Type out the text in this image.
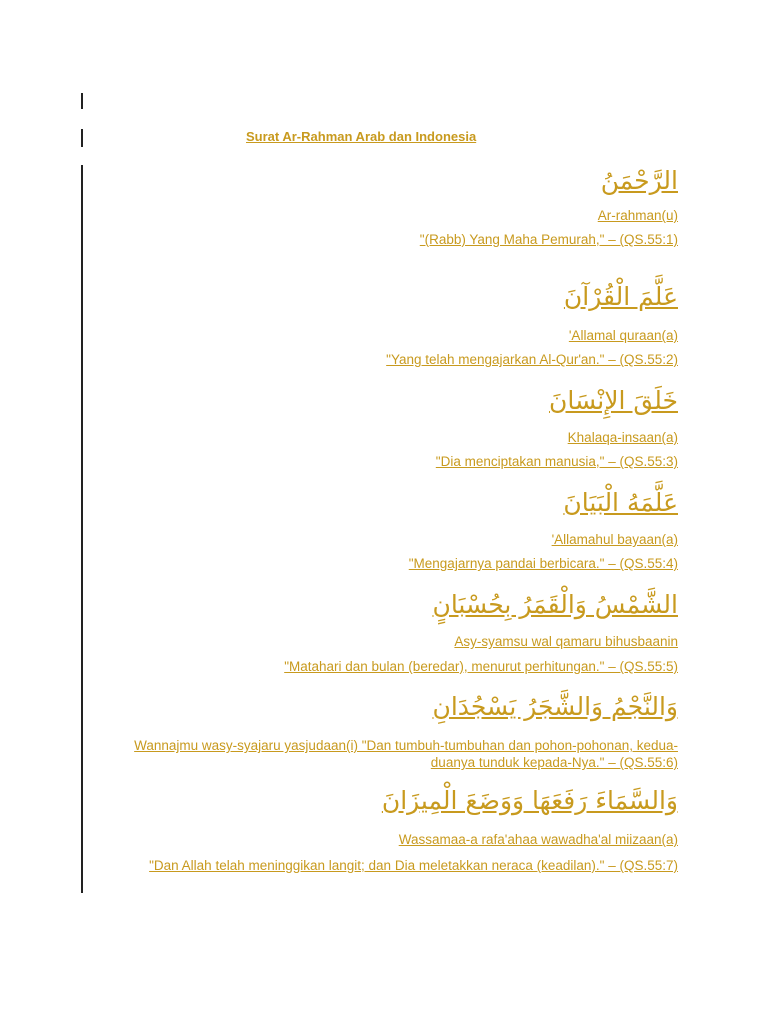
Surat Ar-Rahman Arab dan Indonesia
الرَّحْمَنُ
Ar-rahman(u)
"(Rabb) Yang Maha Pemurah," – (QS.55:1)
عَلَّمَ الْقُرْآنَ
'Allamal quraan(a)
"Yang telah mengajarkan Al-Qur'an." – (QS.55:2)
خَلَقَ الإِنْسَانَ
Khalaqa-insaan(a)
"Dia menciptakan manusia," – (QS.55:3)
عَلَّمَهُ الْبَيَانَ
'Allamahul bayaan(a)
"Mengajarnya pandai berbicara." – (QS.55:4)
الشَّمْسُ وَالْقَمَرُ بِحُسْبَانٍ
Asy-syamsu wal qamaru bihusbaanin
"Matahari dan bulan (beredar), menurut perhitungan." – (QS.55:5)
وَالنَّجْمُ وَالشَّجَرُ يَسْجُدَانِ
Wannajmu wasy-syajaru yasjudaan(i) "Dan tumbuh-tumbuhan dan pohon-pohonan, kedua-duanya tunduk kepada-Nya." – (QS.55:6)
وَالسَّمَاءَ رَفَعَهَا وَوَضَعَ الْمِيزَانَ
Wassamaa-a rafa'ahaa wawadha'al miizaan(a)
"Dan Allah telah meninggikan langit; dan Dia meletakkan neraca (keadilan)." – (QS.55:7)
